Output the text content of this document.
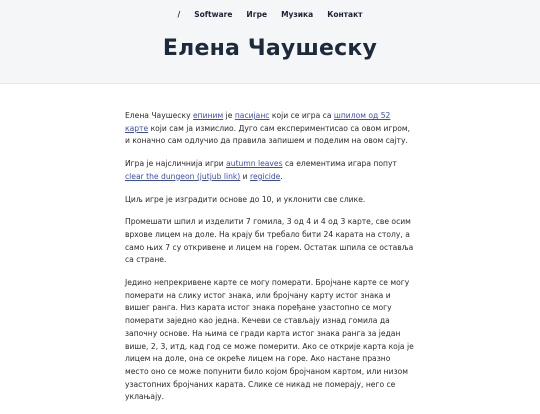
/ Software Игре Музика Контакт
Елена Чаушеску

Елена Чаушеску епиним је пасијанс који се игра са шпилом од 52 карте који сам ја измислио. Дуго сам експериментисао са овом игром, и коначно сам одлучио да правила запишем и поделим на овом сајту.

Игра је најсличнија игри autumn leaves са елементима игара попут clear the dungeon (jutjub link) и regicide.

Циљ игре је изградити основе до 10, и уклонити све слике.

Промешати шпил и изделити 7 гомила, 3 од 4 и 4 од 3 карте, све осим врхове лицем на доле. На крају би требало бити 24 карата на столу, а само њих 7 су откривене и лицем на горем. Остатак шпила се оставља са стране.

Једино непрекривене карте се могу померати. Бројчане карте се могу померати на слику истог знака, или бројчану карту истог знака и вишег ранга. Низ карата истог знака поређане узастопно се могу померати заједно као једна. Кечеви се стављају изнад гомила да започну основе. На њима се гради карта истог знака ранга за један више, 2, 3, итд, кад год се може померити. Ако се открије карта која је лицем на доле, она се окреће лицем на горе. Ако настане празно место оно се може попунити било којом бројчаном картом, или низом узастопних бројчаних карата. Слике се никад не померају, него се уклањају.
